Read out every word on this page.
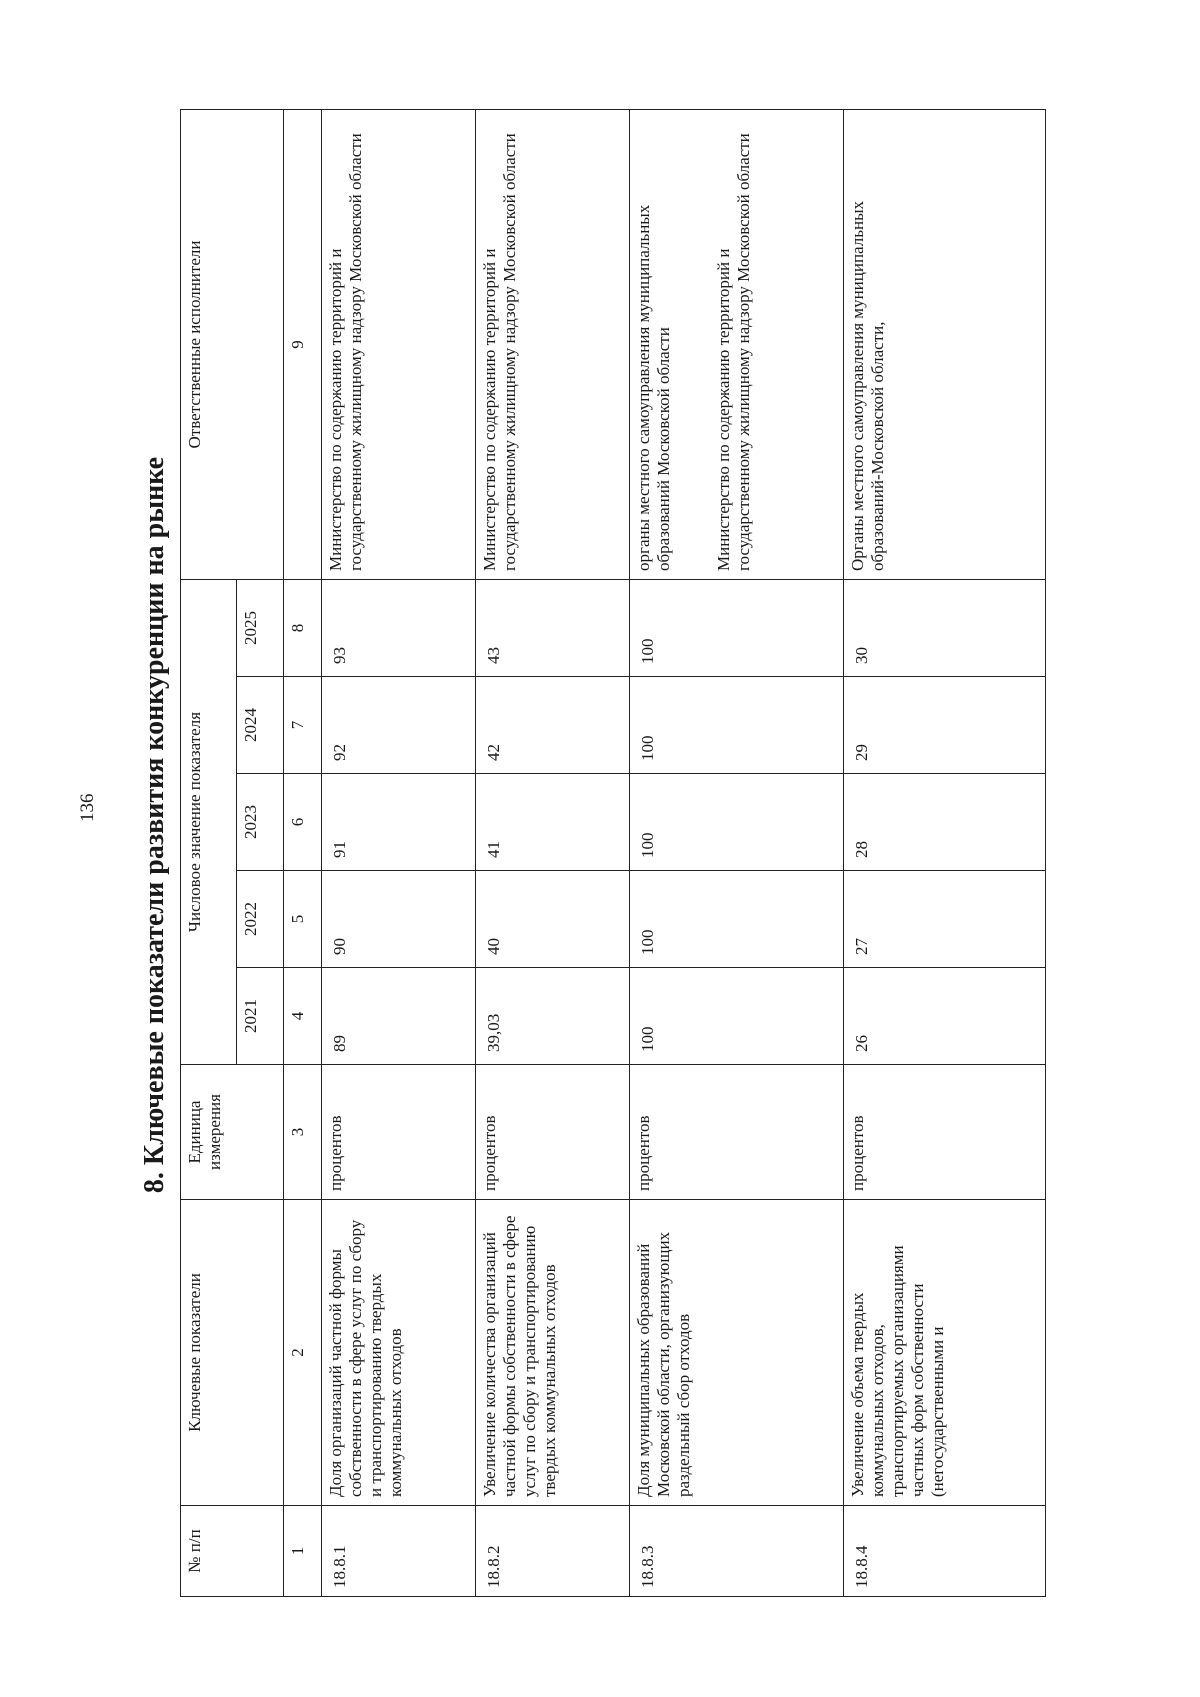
136 8. Ключевые показатели развития конкуренции на рынке
№ п/п	Ключевые показатели	Единица измерения	Числовое значение показателя					Ответственные исполнители
			2021	2022	2023	2024	2025	
1	2	3	4	5	6	7	8	9
18.8.1	Доля организаций частной формы собственности в сфере услуг по сбору и транспортированию твердых коммунальных отходов	процентов	89	90	91	92	93	Министерство по содержанию территорий и государственному жилищному надзору Московской области
18.8.2	Увеличение количества организаций частной формы собственности в сфере услуг по сбору и транспортированию твердых коммунальных отходов	процентов	39,03	40	41	42	43	Министерство по содержанию территорий и государственному жилищному надзору Московской области
18.8.3	Доля муниципальных образований Московской области, организующих раздельный сбор отходов	процентов	100	100	100	100	100	органы местного самоуправления муниципальных образований Московской области Министерство по содержанию территорий и государственному жилищному надзору Московской области
18.8.4	Увеличение объема твердых коммунальных отходов, транспортируемых организациями частных форм собственности (негосударственными и	процентов	26	27	28	29	30	Органы местного самоуправления муниципальных образований-Московской области,
